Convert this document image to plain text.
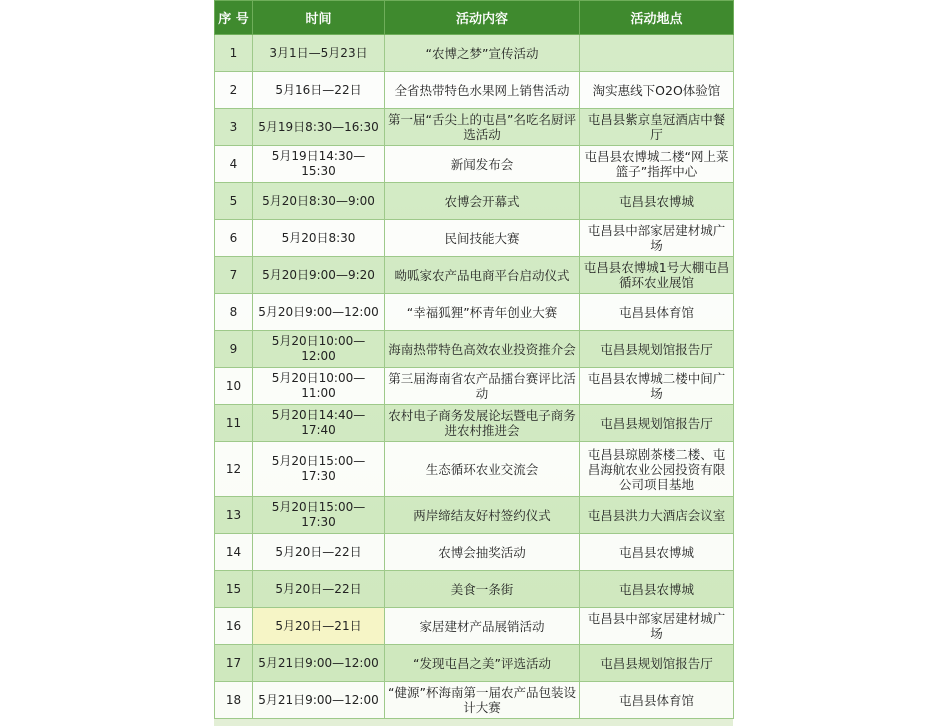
序 号	时间	活动内容	活动地点
1	3月1日—5月23日	“农博之梦”宣传活动	
2	5月16日—22日	全省热带特色水果网上销售活动	淘实惠线下O2O体验馆
3	5月19日8:30—16:30	第一届“舌尖上的屯昌”名吃名厨评选活动	屯昌县紫京皇冠酒店中餐厅
4	5月19日14:30—15:30	新闻发布会	屯昌县农博城二楼“网上菜篮子”指挥中心
5	5月20日8:30—9:00	农博会开幕式	屯昌县农博城
6	5月20日8:30	民间技能大赛	屯昌县中部家居建材城广场
7	5月20日9:00—9:20	呦呱家农产品电商平台启动仪式	屯昌县农博城1号大棚屯昌循环农业展馆
8	5月20日9:00—12:00	“幸福狐狸”杯青年创业大赛	屯昌县体育馆
9	5月20日10:00—12:00	海南热带特色高效农业投资推介会	屯昌县规划馆报告厅
10	5月20日10:00—11:00	第三届海南省农产品擂台赛评比活动	屯昌县农博城二楼中间广场
11	5月20日14:40—17:40	农村电子商务发展论坛暨电子商务进农村推进会	屯昌县规划馆报告厅
12	5月20日15:00—17:30	生态循环农业交流会	屯昌县琼剧茶楼二楼、屯昌海航农业公园投资有限公司项目基地
13	5月20日15:00—17:30	两岸缔结友好村签约仪式	屯昌县洪力大酒店会议室
14	5月20日—22日	农博会抽奖活动	屯昌县农博城
15	5月20日—22日	美食一条街	屯昌县农博城
16	5月20日—21日	家居建材产品展销活动	屯昌县中部家居建材城广场
17	5月21日9:00—12:00	“发现屯昌之美”评选活动	屯昌县规划馆报告厅
18	5月21日9:00—12:00	“健源”杯海南第一届农产品包装设计大赛	屯昌县体育馆
